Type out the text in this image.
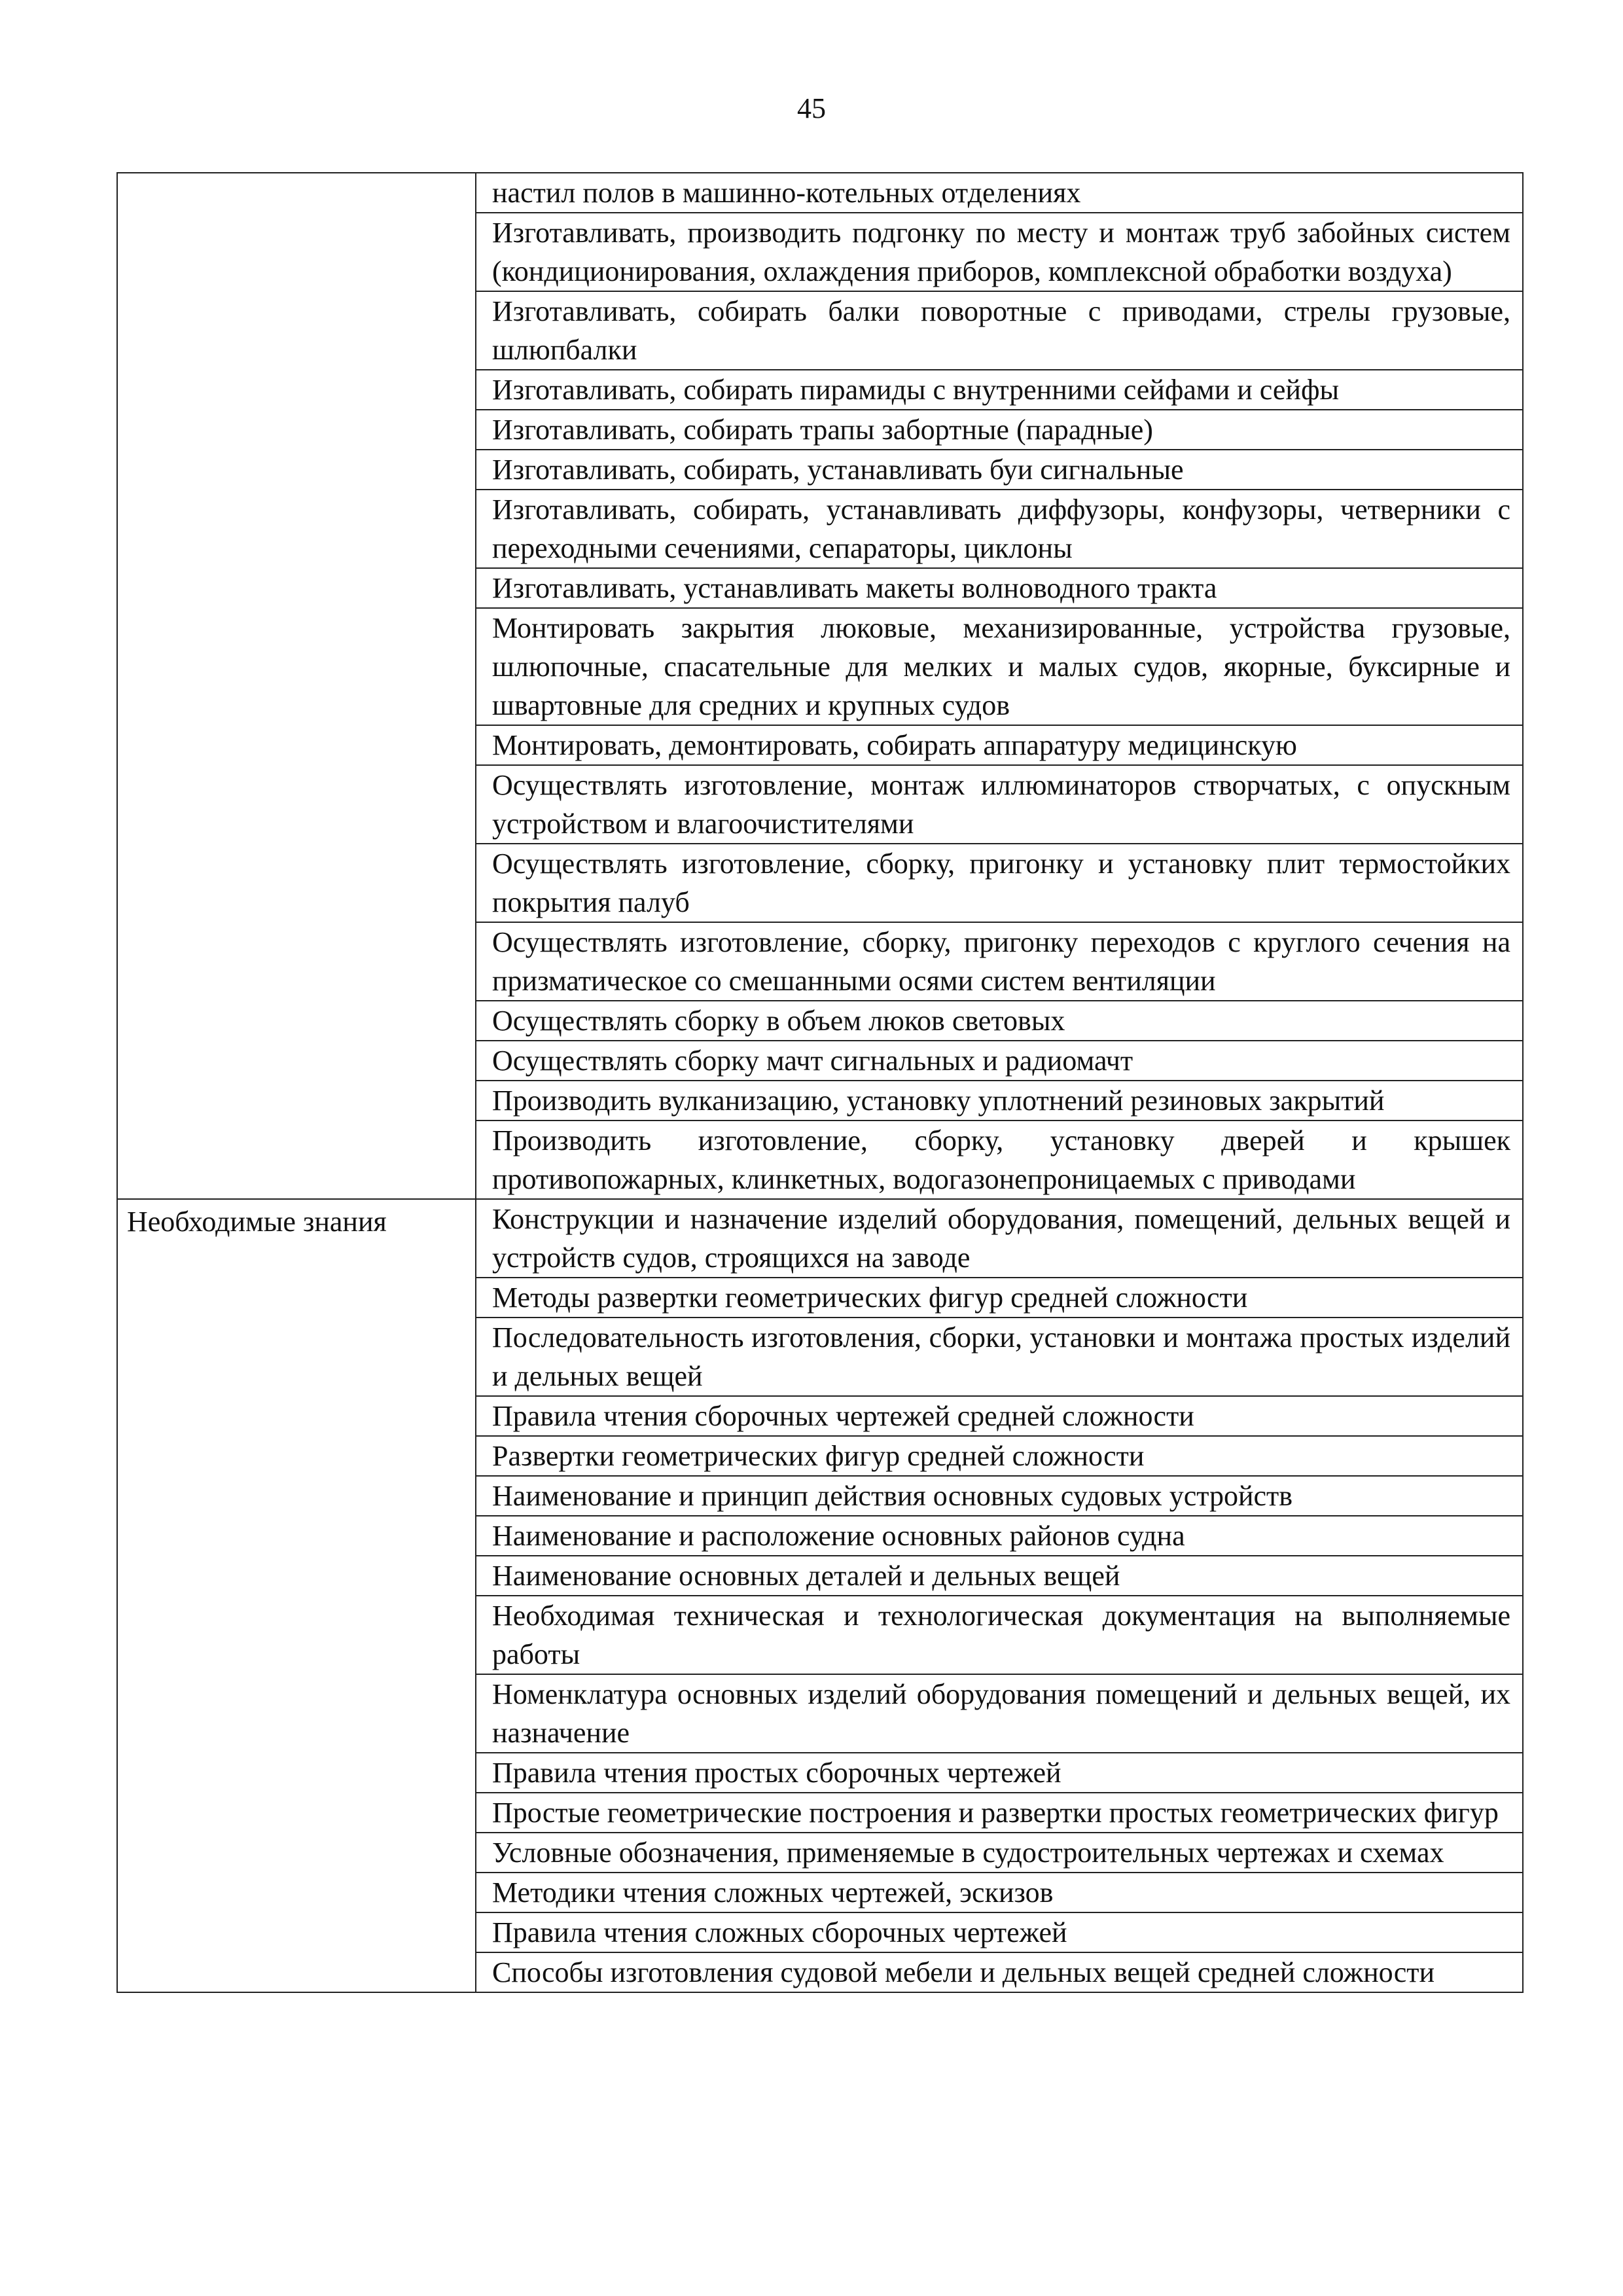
45
	настил полов в машинно-котельных отделениях
	Изготавливать, производить подгонку по месту и монтаж труб забойных систем (кондиционирования, охлаждения приборов, комплексной обработки воздуха)
	Изготавливать, собирать балки поворотные с приводами, стрелы грузовые, шлюпбалки
	Изготавливать, собирать пирамиды с внутренними сейфами и сейфы
	Изготавливать, собирать трапы забортные (парадные)
	Изготавливать, собирать, устанавливать буи сигнальные
	Изготавливать, собирать, устанавливать диффузоры, конфузоры, четверники с переходными сечениями, сепараторы, циклоны
	Изготавливать, устанавливать макеты волноводного тракта
	Монтировать закрытия люковые, механизированные, устройства грузовые, шлюпочные, спасательные для мелких и малых судов, якорные, буксирные и швартовные для средних и крупных судов
	Монтировать, демонтировать, собирать аппаратуру медицинскую
	Осуществлять изготовление, монтаж иллюминаторов створчатых, с опускным устройством и влагоочистителями
	Осуществлять изготовление, сборку, пригонку и установку плит термостойких покрытия палуб
	Осуществлять изготовление, сборку, пригонку переходов с круглого сечения на призматическое со смешанными осями систем вентиляции
	Осуществлять сборку в объем люков световых
	Осуществлять сборку мачт сигнальных и радиомачт
	Производить вулканизацию, установку уплотнений резиновых закрытий
	Производить изготовление, сборку, установку дверей и крышек противопожарных, клинкетных, водогазонепроницаемых с приводами
Необходимые знания	Конструкции и назначение изделий оборудования, помещений, дельных вещей и устройств судов, строящихся на заводе
	Методы развертки геометрических фигур средней сложности
	Последовательность изготовления, сборки, установки и монтажа простых изделий и дельных вещей
	Правила чтения сборочных чертежей средней сложности
	Развертки геометрических фигур средней сложности
	Наименование и принцип действия основных судовых устройств
	Наименование и расположение основных районов судна
	Наименование основных деталей и дельных вещей
	Необходимая техническая и технологическая документация на выполняемые работы
	Номенклатура основных изделий оборудования помещений и дельных вещей, их назначение
	Правила чтения простых сборочных чертежей
	Простые геометрические построения и развертки простых геометрических фигур
	Условные обозначения, применяемые в судостроительных чертежах и схемах
	Методики чтения сложных чертежей, эскизов
	Правила чтения сложных сборочных чертежей
	Способы изготовления судовой мебели и дельных вещей средней сложности
